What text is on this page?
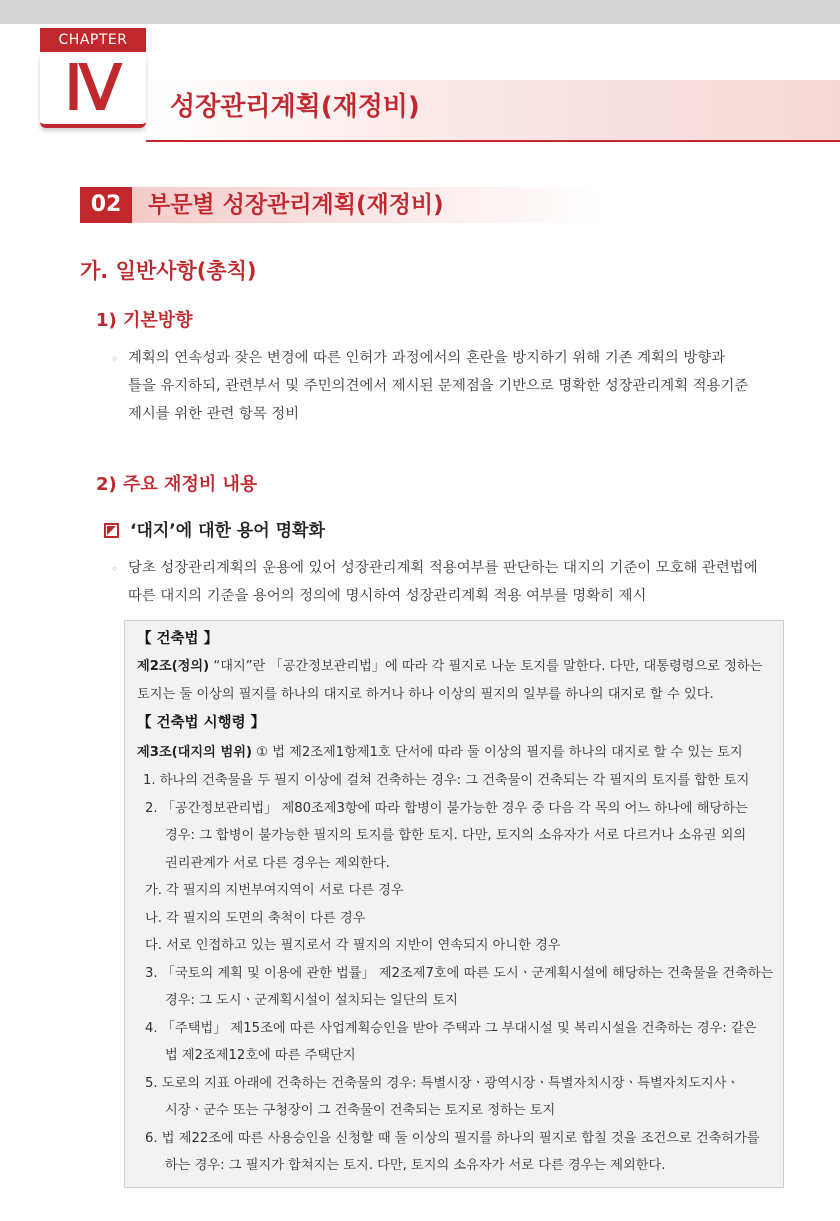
CHAPTER
Ⅳ	성장관리계획(재정비)
02	부문별 성장관리계획(재정비)
가. 일반사항(총칙)
1) 기본방향
◦ 계획의 연속성과 잦은 변경에 따른 인허가 과정에서의 혼란을 방지하기 위해 기존 계획의 방향과
틀을 유지하되, 관련부서 및 주민의견에서 제시된 문제점을 기반으로 명확한 성장관리계획 적용기준
제시를 위한 관련 항목 정비
2) 주요 재정비 내용
‘대지’에 대한 용어 명확화
◦ 당초 성장관리계획의 운용에 있어 성장관리계획 적용여부를 판단하는 대지의 기준이 모호해 관련법에
따른 대지의 기준을 용어의 정의에 명시하여 성장관리계획 적용 여부를 명확히 제시
【 건축법 】
제2조(정의) “대지”란 「공간정보관리법」에 따라 각 필지로 나눈 토지를 말한다. 다만, 대통령령으로 정하는
토지는 둘 이상의 필지를 하나의 대지로 하거나 하나 이상의 필지의 일부를 하나의 대지로 할 수 있다.
【 건축법 시행령 】
제3조(대지의 범위) ① 법 제2조제1항제1호 단서에 따라 둘 이상의 필지를 하나의 대지로 할 수 있는 토지
1. 하나의 건축물을 두 필지 이상에 걸쳐 건축하는 경우: 그 건축물이 건축되는 각 필지의 토지를 합한 토지
2. 「공간정보관리법」 제80조제3항에 따라 합병이 불가능한 경우 중 다음 각 목의 어느 하나에 해당하는
경우: 그 합병이 불가능한 필지의 토지를 합한 토지. 다만, 토지의 소유자가 서로 다르거나 소유권 외의
권리관계가 서로 다른 경우는 제외한다.
가. 각 필지의 지번부여지역이 서로 다른 경우
나. 각 필지의 도면의 축척이 다른 경우
다. 서로 인접하고 있는 필지로서 각 필지의 지반이 연속되지 아니한 경우
3. 「국토의 계획 및 이용에 관한 법률」 제2조제7호에 따른 도시ㆍ군계획시설에 해당하는 건축물을 건축하는
경우: 그 도시ㆍ군계획시설이 설치되는 일단의 토지
4. 「주택법」 제15조에 따른 사업계획승인을 받아 주택과 그 부대시설 및 복리시설을 건축하는 경우: 같은
법 제2조제12호에 따른 주택단지
5. 도로의 지표 아래에 건축하는 건축물의 경우: 특별시장ㆍ광역시장ㆍ특별자치시장ㆍ특별자치도지사ㆍ
시장ㆍ군수 또는 구청장이 그 건축물이 건축되는 토지로 정하는 토지
6. 법 제22조에 따른 사용승인을 신청할 때 둘 이상의 필지를 하나의 필지로 합칠 것을 조건으로 건축허가를
하는 경우: 그 필지가 합쳐지는 토지. 다만, 토지의 소유자가 서로 다른 경우는 제외한다.
